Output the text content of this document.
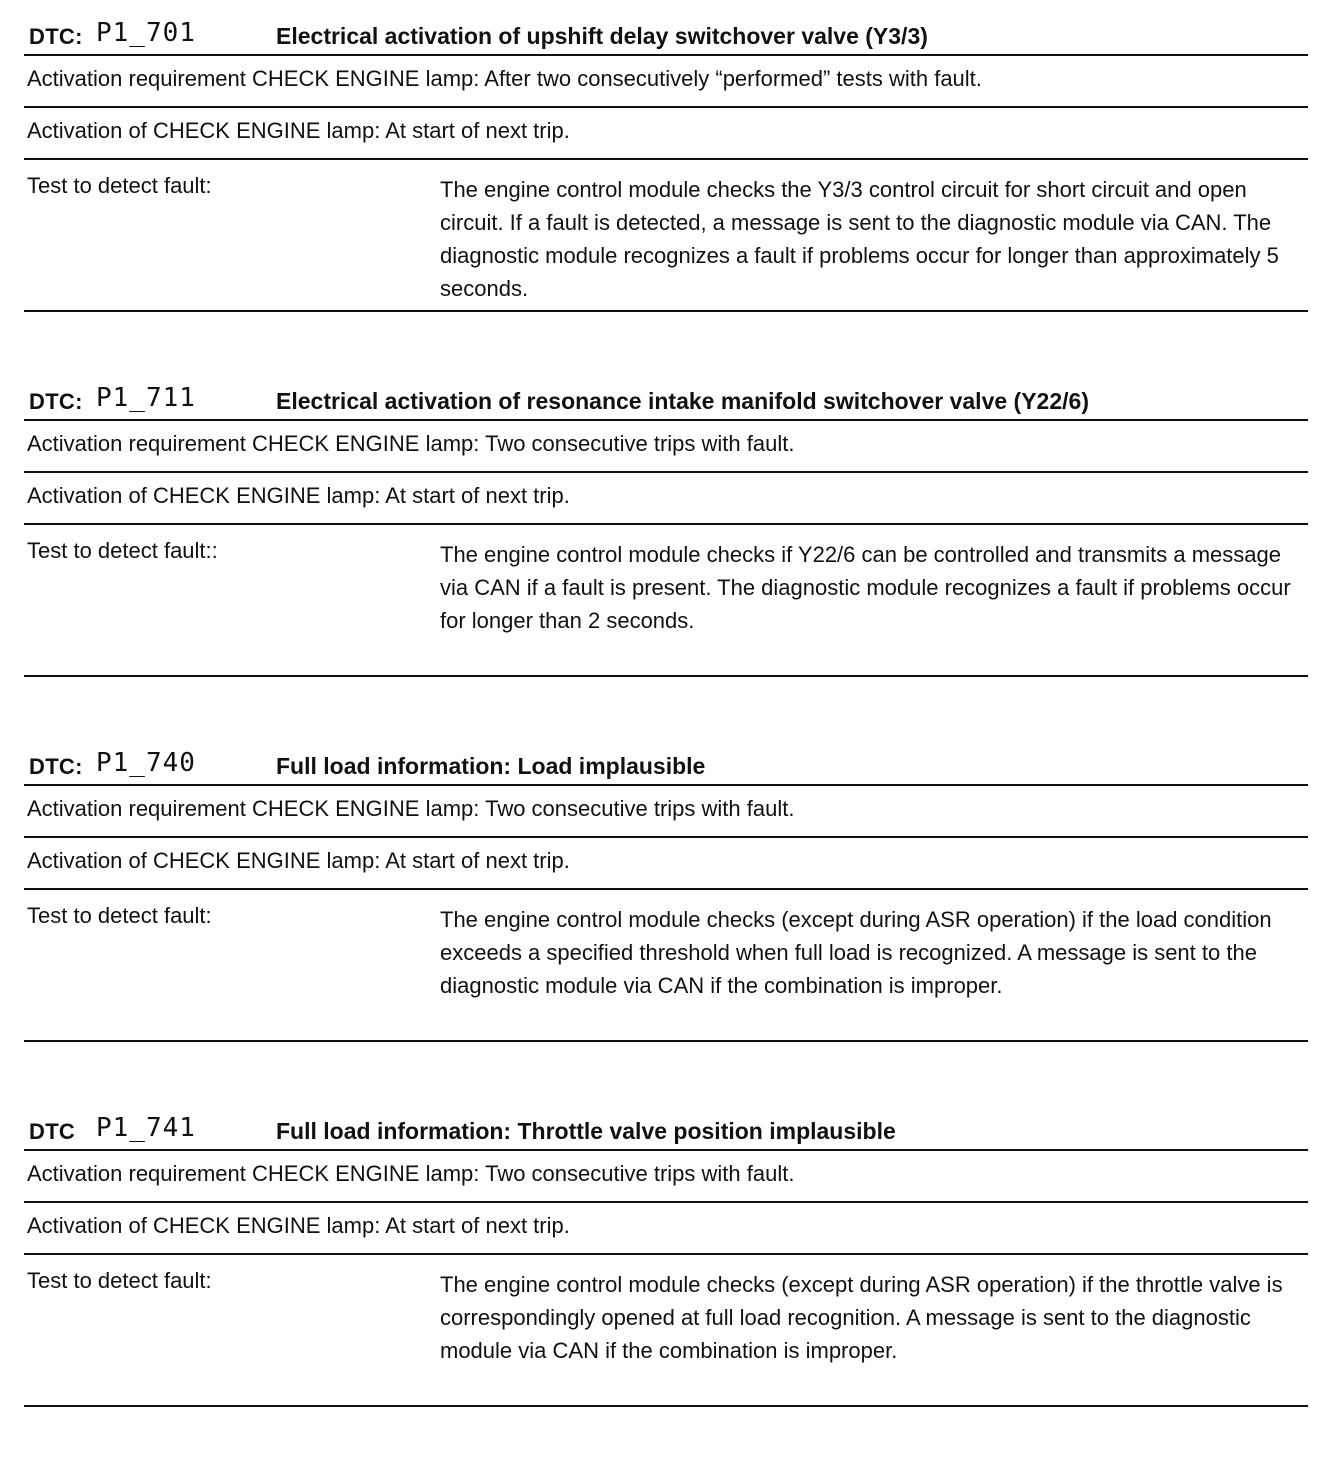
DTC: P1_701	Electrical activation of upshift delay switchover valve (Y3/3)
Activation requirement CHECK ENGINE lamp: After two consecutively “performed” tests with fault.
Activation of CHECK ENGINE lamp: At start of next trip.
Test to detect fault:	The engine control module checks the Y3/3 control circuit for short circuit and open circuit. If a fault is detected, a message is sent to the diagnostic module via CAN. The diagnostic module recognizes a fault if problems occur for longer than approximately 5 seconds.
DTC: P1_711	Electrical activation of resonance intake manifold switchover valve (Y22/6)
Activation requirement CHECK ENGINE lamp: Two consecutive trips with fault.
Activation of CHECK ENGINE lamp: At start of next trip.
Test to detect fault::	The engine control module checks if Y22/6 can be controlled and transmits a message via CAN if a fault is present. The diagnostic module recognizes a fault if problems occur for longer than 2 seconds.
DTC: P1_740	Full load information: Load implausible
Activation requirement CHECK ENGINE lamp: Two consecutive trips with fault.
Activation of CHECK ENGINE lamp: At start of next trip.
Test to detect fault:	The engine control module checks (except during ASR operation) if the load condition exceeds a specified threshold when full load is recognized. A message is sent to the diagnostic module via CAN if the combination is improper.
DTC P1_741	Full load information: Throttle valve position implausible
Activation requirement CHECK ENGINE lamp: Two consecutive trips with fault.
Activation of CHECK ENGINE lamp: At start of next trip.
Test to detect fault:	The engine control module checks (except during ASR operation) if the throttle valve is correspondingly opened at full load recognition. A message is sent to the diagnostic module via CAN if the combination is improper.
